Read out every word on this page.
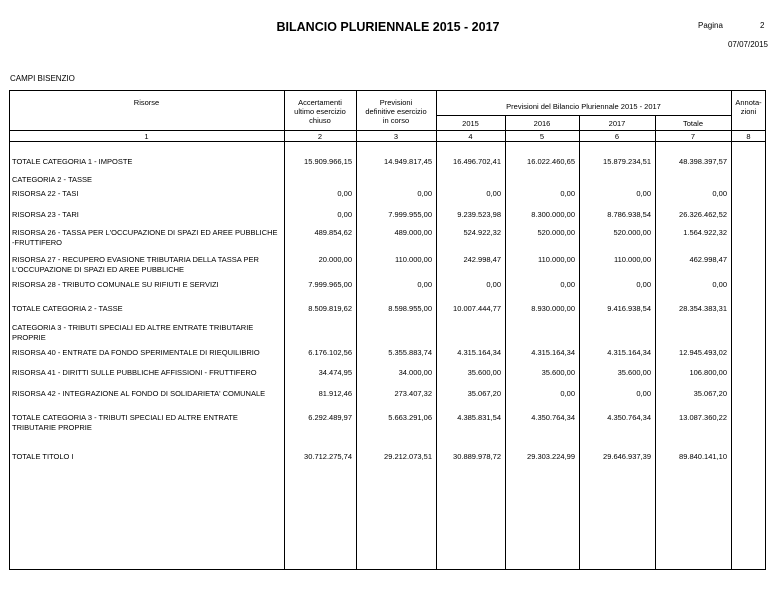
BILANCIO PLURIENNALE 2015 - 2017	Pagina	2
07/07/2015
CAMPI BISENZIO
Risorse	Accertamenti
ultimo esercizio
chiuso
Previsioni
definitive esercizio
in corso
Previsioni del Bilancio Pluriennale 2015 - 2017	Annota-
zioni
2015	2016	2017	Totale
1	2	3	4	5	6	7	8
TOTALE CATEGORIA 1 - IMPOSTE	15.909.966,15	14.949.817,45	16.496.702,41	16.022.460,65	15.879.234,51	48.398.397,57
CATEGORIA 2 - TASSE
RISORSA 22 - TASI	0,00	0,00	0,00	0,00	0,00	0,00
RISORSA 23 - TARI	0,00	7.999.955,00	9.239.523,98	8.300.000,00	8.786.938,54	26.326.462,52
RISORSA 26 - TASSA PER L'OCCUPAZIONE DI SPAZI ED AREE PUBBLICHE -FRUTTIFERO
489.854,62	489.000,00	524.922,32	520.000,00	520.000,00	1.564.922,32
RISORSA 27 - RECUPERO EVASIONE TRIBUTARIA DELLA TASSA PER L'OCCUPAZIONE DI SPAZI ED AREE PUBBLICHE
20.000,00	110.000,00	242.998,47	110.000,00	110.000,00	462.998,47
RISORSA 28 - TRIBUTO COMUNALE SU RIFIUTI E SERVIZI	7.999.965,00	0,00	0,00	0,00	0,00	0,00
TOTALE CATEGORIA 2 - TASSE	8.509.819,62	8.598.955,00	10.007.444,77	8.930.000,00	9.416.938,54	28.354.383,31
CATEGORIA 3 - TRIBUTI SPECIALI ED ALTRE ENTRATE TRIBUTARIE PROPRIE
RISORSA 40 - ENTRATE DA FONDO SPERIMENTALE DI RIEQUILIBRIO	6.176.102,56	5.355.883,74	4.315.164,34	4.315.164,34	4.315.164,34	12.945.493,02
RISORSA 41 - DIRITTI SULLE PUBBLICHE AFFISSIONI - FRUTTIFERO	34.474,95	34.000,00	35.600,00	35.600,00	35.600,00	106.800,00
RISORSA 42 - INTEGRAZIONE AL FONDO DI SOLIDARIETA' COMUNALE	81.912,46	273.407,32	35.067,20	0,00	0,00	35.067,20
TOTALE CATEGORIA 3 - TRIBUTI SPECIALI ED ALTRE ENTRATE TRIBUTARIE PROPRIE
6.292.489,97	5.663.291,06	4.385.831,54	4.350.764,34	4.350.764,34	13.087.360,22
TOTALE TITOLO I	30.712.275,74	29.212.073,51	30.889.978,72	29.303.224,99	29.646.937,39	89.840.141,10
